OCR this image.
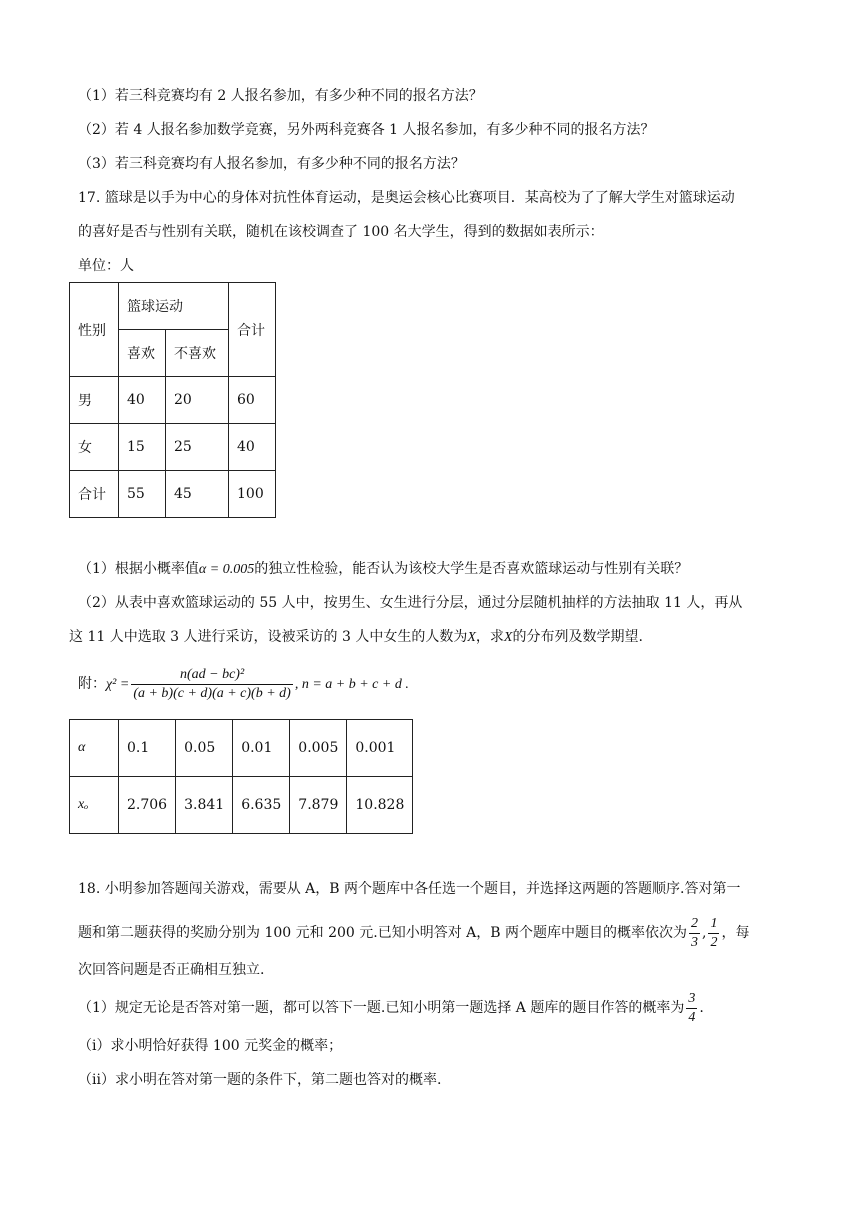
（1）若三科竞赛均有 2 人报名参加，有多少种不同的报名方法？
（2）若 4 人报名参加数学竞赛，另外两科竞赛各 1 人报名参加，有多少种不同的报名方法？
（3）若三科竞赛均有人报名参加，有多少种不同的报名方法？
17. 篮球是以手为中心的身体对抗性体育运动，是奥运会核心比赛项目．某高校为了了解大学生对篮球运动
的喜好是否与性别有关联，随机在该校调查了 100 名大学生，得到的数据如表所示：
单位：人
性别	篮球运动		合计
	喜欢	不喜欢	
男	40	20	60
女	15	25	40
合计	55	45	100
（1）根据小概率值α = 0.005的独立性检验，能否认为该校大学生是否喜欢篮球运动与性别有关联？
（2）从表中喜欢篮球运动的 55 人中，按男生、女生进行分层，通过分层随机抽样的方法抽取 11 人，再从
这 11 人中选取 3 人进行采访，设被采访的 3 人中女生的人数为X，求X的分布列及数学期望.
附：$\chi^2 = \frac{\text{n(ad − bc)²}}{(a + b)(c + d)(a + c)(b + d)}$ , n = a + b + c + d .
α	0.1	0.05	0.01	0.005	0.001
xₒ	2.706	3.841	6.635	7.879	10.828
18. 小明参加答题闯关游戏，需要从 A，B 两个题库中各任选一个题目，并选择这两题的答题顺序.答对第一
题和第二题获得的奖励分别为 100 元和 200 元.已知小明答对 A，B 两个题库中题目的概率依次为 $\frac{2}{3}$ , $\frac{1}{2}$ ，每
次回答问题是否正确相互独立.
（1）规定无论是否答对第一题，都可以答下一题.已知小明第一题选择 A 题库的题目作答的概率为 $\frac{3}{4}$ .
（i）求小明恰好获得 100 元奖金的概率；
（ii）求小明在答对第一题的条件下，第二题也答对的概率.
